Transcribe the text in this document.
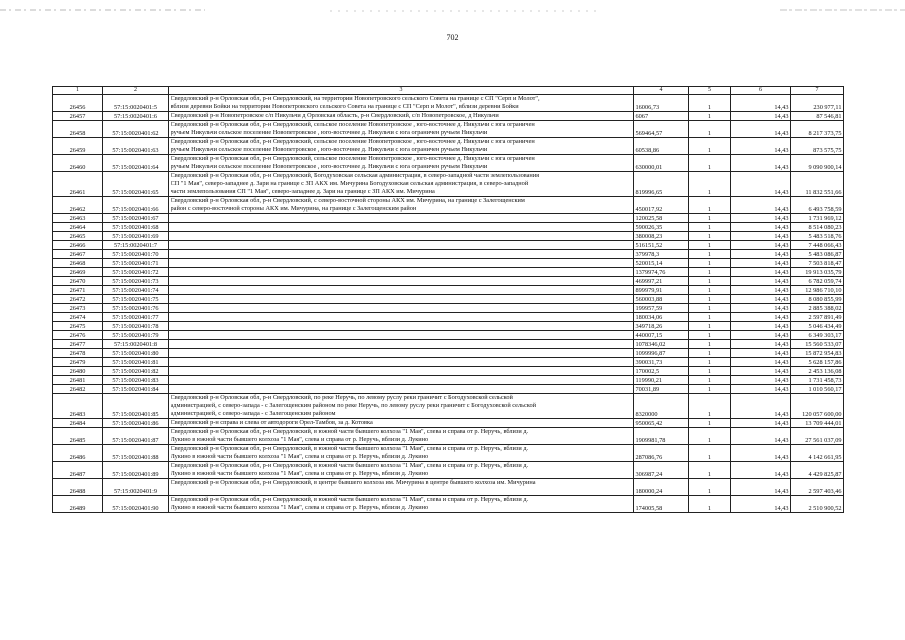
702
1	2	3	4	5	6	7
26456	57:15:0020401:5	Свердловский р-н Орловская обл, р-н Свердловский, на территории Новопетровского сельского Совета на границе с СП "Серп и Молот",
вблизи деревни Бойки на территории Новопетровского сельского Совета на границе с СП "Серп и Молот", вблизи деревни Бойки	16006,73	1	14,43	230 977,11
26457	57:15:0020401:6	Свердловский р-н Новопетровское с/п Никульчи д Орловская область, р-н Свердловский, с/п Новопетровское, д Никульчи	6067	1	14,43	87 546,81
26458	57:15:0020401:62	Свердловский р-н Орловская обл, р-н Свердловский, сельское поселение Новопетровское , юго-восточнее д. Никульчи с юга ограничен
ручьем Никульчи сельское поселение Новопетровское , юго-восточнее д. Никульчи с юга ограничен ручьем Никульчи	569464,57	1	14,43	8 217 373,75
26459	57:15:0020401:63	Свердловский р-н Орловская обл, р-н Свердловский, сельское поселение Новопетровское , юго-восточнее д. Никульчи с юга ограничен
ручьем Никульчи сельское поселение Новопетровское , юго-восточнее д. Никульчи с юга ограничен ручьем Никульчи	60538,86	1	14,43	873 575,75
26460	57:15:0020401:64	Свердловский р-н Орловская обл, р-н Свердловский, сельское поселение Новопетровское , юго-восточнее д. Никульчи с юга ограничен
ручьем Никульчи сельское поселение Новопетровское , юго-восточнее д. Никульчи с юга ограничен ручьем Никульчи	630000,01	1	14,43	9 090 900,14
26461	57:15:0020401:65	Свердловский р-н Орловская обл, р-н Свердловский, Богодуховская сельская администрация, в северо-западной части землепользования
СП "1 Мая", северо-западнее д. Зари на границе с ЗП АКХ им. Мичурина Богодуховская сельская администрация, в северо-западной
части землепользования СП "1 Мая", северо-западнее д. Зари на границе с ЗП АКХ им. Мичурина	819996,65	1	14,43	11 832 551,66
26462	57:15:0020401:66	Свердловский р-н Орловская обл, р-н Свердловский, с северо-восточной стороны АКХ им. Мичурина, на границе с Залегощенским
район с северо-восточной стороны АКХ им. Мичурина, на границе с Залегощенским район	450017,92	1	14,43	6 493 758,59
26463	57:15:0020401:67		120025,58	1	14,43	1 731 969,12
26464	57:15:0020401:68		590026,35	1	14,43	8 514 080,23
26465	57:15:0020401:69		380008,23	1	14,43	5 483 518,76
26466	57:15:0020401:7		516151,52	1	14,43	7 448 066,43
26467	57:15:0020401:70		379978,3	1	14,43	5 483 086,87
26468	57:15:0020401:71		520015,14	1	14,43	7 503 818,47
26469	57:15:0020401:72		1379974,76	1	14,43	19 913 035,79
26470	57:15:0020401:73		469997,21	1	14,43	6 782 059,74
26471	57:15:0020401:74		899979,91	1	14,43	12 986 710,10
26472	57:15:0020401:75		560003,88	1	14,43	8 080 855,99
26473	57:15:0020401:76		199957,59	1	14,43	2 885 388,02
26474	57:15:0020401:77		180034,06	1	14,43	2 597 891,49
26475	57:15:0020401:78		349718,26	1	14,43	5 046 434,49
26476	57:15:0020401:79		440007,15	1	14,43	6 349 303,17
26477	57:15:0020401:8		1078346,02	1	14,43	15 560 533,07
26478	57:15:0020401:80		1099996,87	1	14,43	15 872 954,83
26479	57:15:0020401:81		390031,73	1	14,43	5 628 157,86
26480	57:15:0020401:82		170002,5	1	14,43	2 453 136,08
26481	57:15:0020401:83		119990,21	1	14,43	1 731 458,73
26482	57:15:0020401:84		70031,89	1	14,43	1 010 560,17
26483	57:15:0020401:85	Свердловский р-н Орловская обл, р-н Свердловский, по реке Неручь, по левому руслу реки граничит с Богодуховской сельской
администрацией, с северо-запада - с Залегощенским районом по реке Неручь, по левому руслу реки граничит с Богодуховской сельской
администрацией, с северо-запада - с Залегощенским районом	8320000	1	14,43	120 057 600,00
26484	57:15:0020401:86	Свердловский р-н справа и слева от автодороги Орел-Тамбов, за д. Котовка	950065,42	1	14,43	13 709 444,01
26485	57:15:0020401:87	Свердловский р-н Орловская обл, р-н Свердловский, в южной части бывшего колхоза "1 Мая", слева и справа от р. Неручь, вблизи д.
Лукино в южной части бывшего колхоза "1 Мая", слева и справа от р. Неручь, вблизи д. Лукино	1909981,78	1	14,43	27 561 037,09
26486	57:15:0020401:88	Свердловский р-н Орловская обл, р-н Свердловский, в южной части бывшего колхоза "1 Мая", слева и справа от р. Неручь, вблизи д.
Лукино в южной части бывшего колхоза "1 Мая", слева и справа от р. Неручь, вблизи д. Лукино	287086,76	1	14,43	4 142 661,95
26487	57:15:0020401:89	Свердловский р-н Орловская обл, р-н Свердловский, в южной части бывшего колхоза "1 Мая", слева и справа от р. Неручь, вблизи д.
Лукино в южной части бывшего колхоза "1 Мая", слева и справа от р. Неручь, вблизи д. Лукино	306987,24	1	14,43	4 429 825,87
26488	57:15:0020401:9	Свердловский р-н Орловская обл, р-н Свердловский, в центре бывшего колхоза им. Мичурина в центре бывшего колхоза им. Мичурина	180000,24	1	14,43	2 597 403,46
26489	57:15:0020401:90	Свердловский р-н Орловская обл, р-н Свердловский, в южной части бывшего колхоза "1 Мая", слева и справа от р. Неручь, вблизи д.
Лукино в южной части бывшего колхоза "1 Мая", слева и справа от р. Неручь, вблизи д. Лукино	174005,58	1	14,43	2 510 900,52
